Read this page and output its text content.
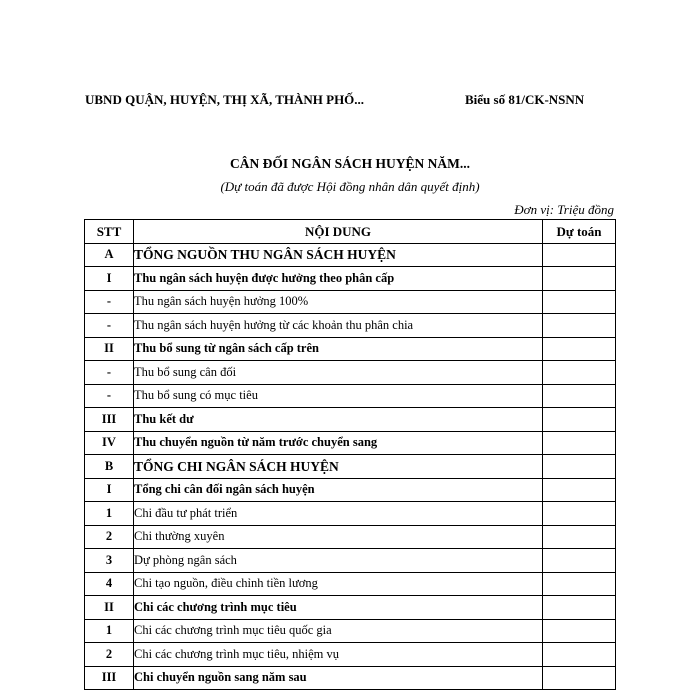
UBND QUẬN, HUYỆN, THỊ XÃ, THÀNH PHỐ...	Biểu số 81/CK-NSNN
CÂN ĐỐI NGÂN SÁCH HUYỆN NĂM...
(Dự toán đã được Hội đồng nhân dân quyết định)
Đơn vị: Triệu đồng
STT	NỘI DUNG	Dự toán
A	TỔNG NGUỒN THU NGÂN SÁCH HUYỆN	
I	Thu ngân sách huyện được hưởng theo phân cấp	
-	Thu ngân sách huyện hưởng 100%	
-	Thu ngân sách huyện hưởng từ các khoản thu phân chia	
II	Thu bổ sung từ ngân sách cấp trên	
-	Thu bổ sung cân đối	
-	Thu bổ sung có mục tiêu	
III	Thu kết dư	
IV	Thu chuyển nguồn từ năm trước chuyển sang	
B	TỔNG CHI NGÂN SÁCH HUYỆN	
I	Tổng chi cân đối ngân sách huyện	
1	Chi đầu tư phát triển	
2	Chi thường xuyên	
3	Dự phòng ngân sách	
4	Chi tạo nguồn, điều chỉnh tiền lương	
II	Chi các chương trình mục tiêu	
1	Chi các chương trình mục tiêu quốc gia	
2	Chi các chương trình mục tiêu, nhiệm vụ	
III	Chi chuyển nguồn sang năm sau	
